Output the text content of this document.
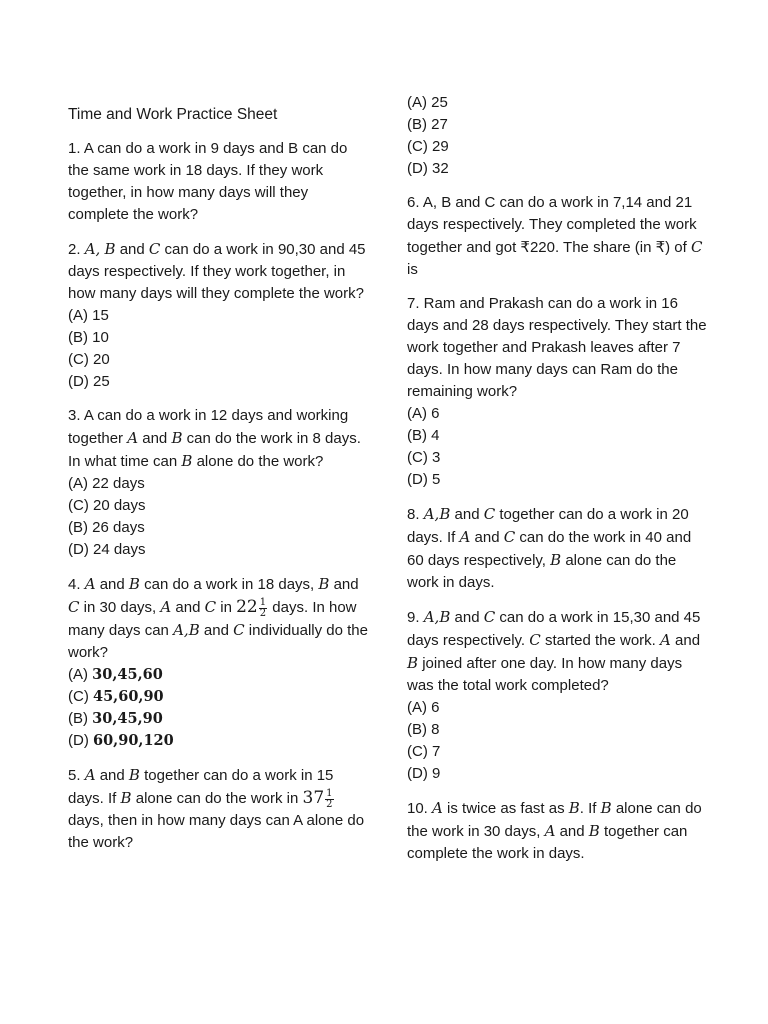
Time and Work Practice Sheet

1. A can do a work in 9 days and B can do the same work in 18 days. If they work together, in how many days will they complete the work?

2. A, B and C can do a work in 90,30 and 45 days respectively. If they work together, in how many days will they complete the work?

(A) 15
(B) 10
(C) 20
(D) 25

3. A can do a work in 12 days and working together A and B can do the work in 8 days. In what time can B alone do the work?

(A) 22 days
(C) 20 days
(B) 26 days
(D) 24 days

4. A and B can do a work in 18 days, B and C in 30 days, A and C in $22 \frac{1}{2}$ days. In how many days can A,B and C individually do the work?

(A) 30,45,60
(C) 45,60,90
(B) 30,45,90
(D) 60,90,120

5. A and B together can do a work in 15 days. If B alone can do the work in $37 \frac{1}{2}$
days, then in how many days can A alone do the work?

(A) 25
(B) 27
(C) 29
(D) 32

6. A, B and C can do a work in 7,14 and 21 days respectively. They completed the work together and got ₹220. The share (in ₹) of C is

7. Ram and Prakash can do a work in 16 days and 28 days respectively. They start the work together and Prakash leaves after 7 days. In how many days can Ram do the remaining work?

(A) 6
(B) 4
(C) 3
(D) 5

8. A,B and C together can do a work in 20 days. If A and C can do the work in 40 and 60 days respectively, B alone can do the work in days.

9. A,B and C can do a work in 15,30 and 45 days respectively. C started the work. A and B joined after one day. In how many days was the total work completed?

(A) 6
(B) 8
(C) 7
(D) 9

10. A is twice as fast as B. If B alone can do the work in 30 days, A and B together can complete the work in days.
